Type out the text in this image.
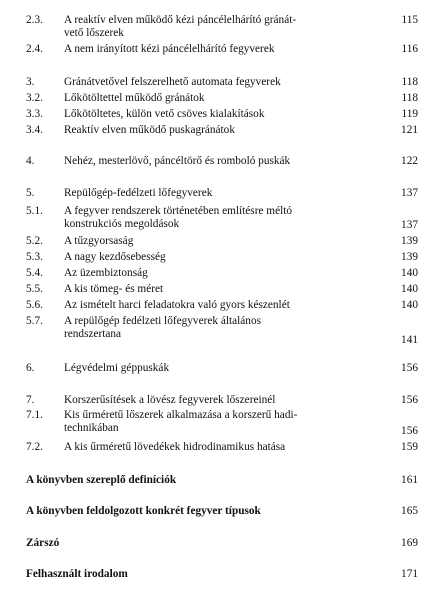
2.3. A reaktív elven működő kézi páncélelhárító gránát-
vető lőszerek
115
2.4. A nem irányított kézi páncélelhárító fegyverek	116
3.	Gránátvetővel felszerelhető automata fegyverek	118
3.2. Lőkötöltettel működő gránátok	118
3.3. Lőkötöltetes, külön vető csöves kialakítások	119
3.4. Reaktív elven működő puskagránátok	121
4.	Nehéz, mesterlövő, páncéltörő és romboló puskák	122
5.	Repülőgép-fedélzeti lőfegyverek	137
5.1. A fegyver rendszerek történetében említésre méltó
konstrukciós megoldások	137
5.2. A tűzgyorsaság	139
5.3. A nagy kezdősebesség	139
5.4. Az üzembiztonság	140
5.5. A kis tömeg- és méret	140
5.6. Az ismételt harci feladatokra való gyors készenlét	140
5.7. A repülőgép fedélzeti lőfegyverek általános
rendszertana	141
6.	Légvédelmi géppuskák	156
7.	Korszerűsítések a lövész fegyverek lőszereinél	156
7.1. Kis űrméretű lőszerek alkalmazása a korszerű hadi-
technikában	156
7.2. A kis űrméretű lövedékek hidrodinamikus hatása	159
A könyvben szereplő definíciók	161
A könyvben feldolgozott konkrét fegyver típusok	165
Zárszó	169
Felhasznált irodalom	171
